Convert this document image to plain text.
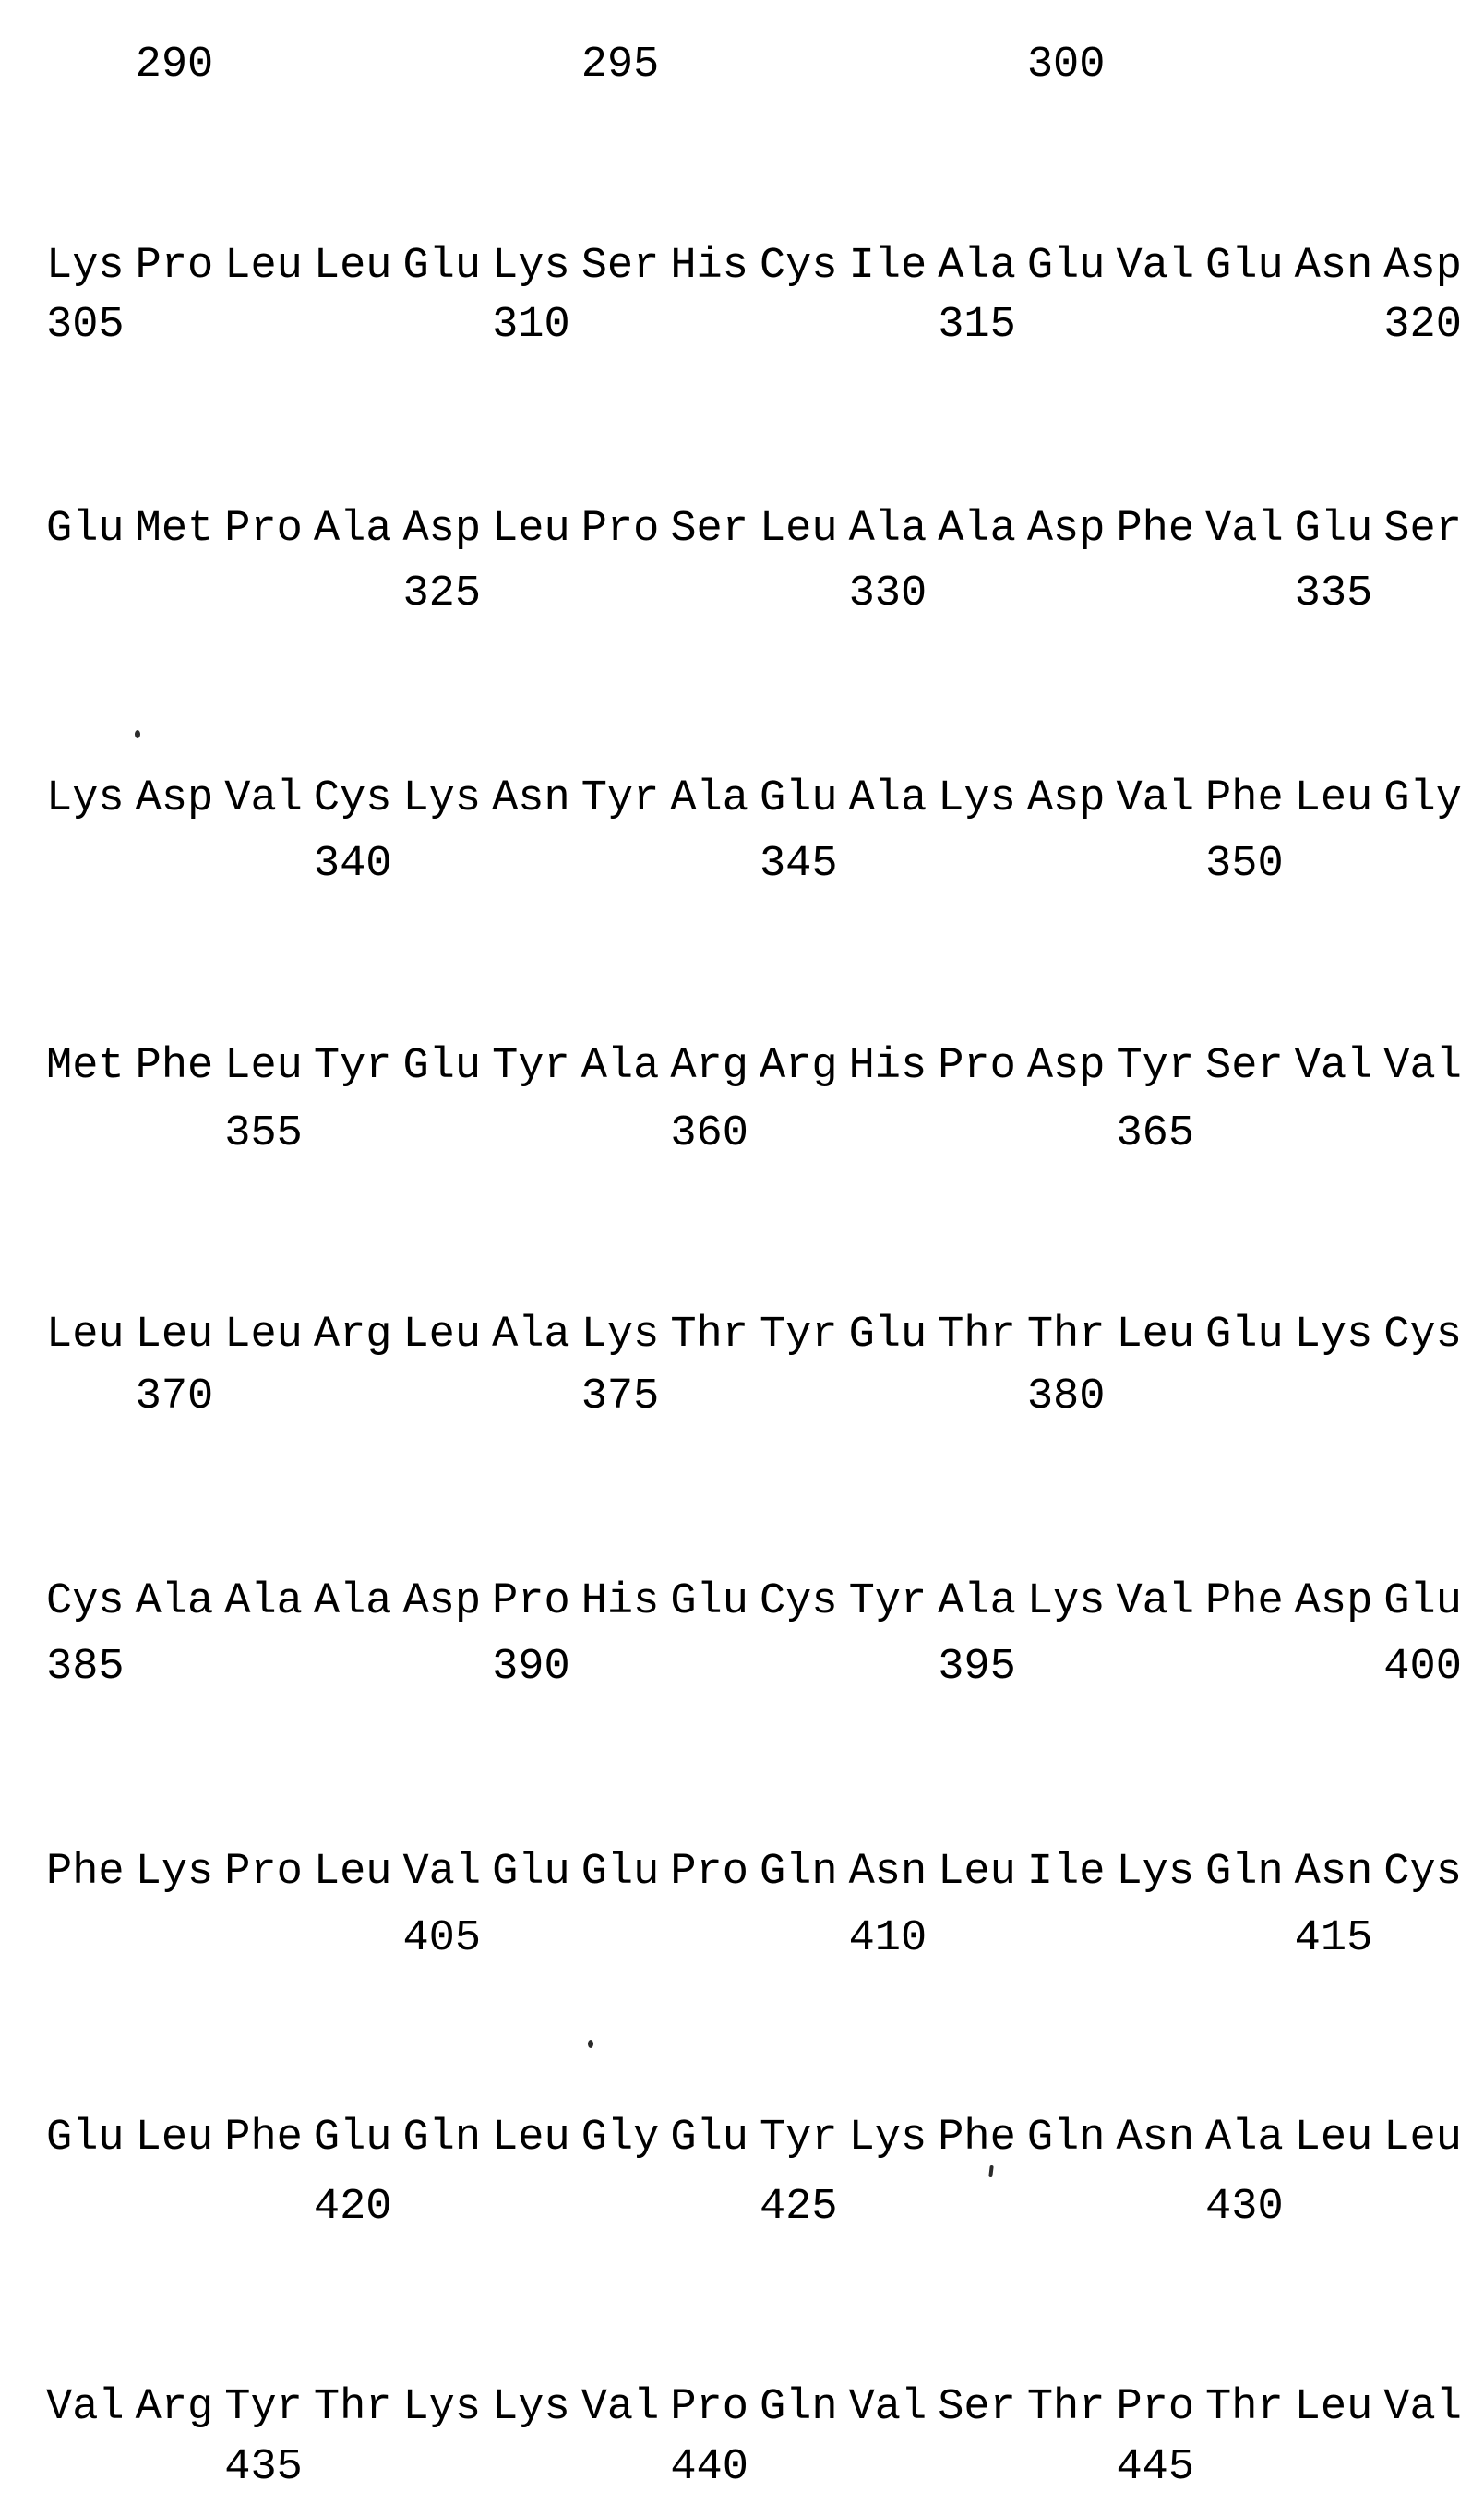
290	295	300
Lys Pro Leu Leu Glu Lys Ser His Cys Ile Ala Glu Val Glu Asn Asp
305	310	315	320
Glu Met Pro Ala Asp Leu Pro Ser Leu Ala Ala Asp Phe Val Glu Ser
325	330	335
Lys Asp Val Cys Lys Asn Tyr Ala Glu Ala Lys Asp Val Phe Leu Gly
340	345	350
Met Phe Leu Tyr Glu Tyr Ala Arg Arg His Pro Asp Tyr Ser Val Val
355	360	365
Leu Leu Leu Arg Leu Ala Lys Thr Tyr Glu Thr Thr Leu Glu Lys Cys
370	375	380
Cys Ala Ala Ala Asp Pro His Glu Cys Tyr Ala Lys Val Phe Asp Glu
385	390	395	400
Phe Lys Pro Leu Val Glu Glu Pro Gln Asn Leu Ile Lys Gln Asn Cys
405	410	415
Glu Leu Phe Glu Gln Leu Gly Glu Tyr Lys Phe Gln Asn Ala Leu Leu
420	425	430
Val Arg Tyr Thr Lys Lys Val Pro Gln Val Ser Thr Pro Thr Leu Val
435	440	445
